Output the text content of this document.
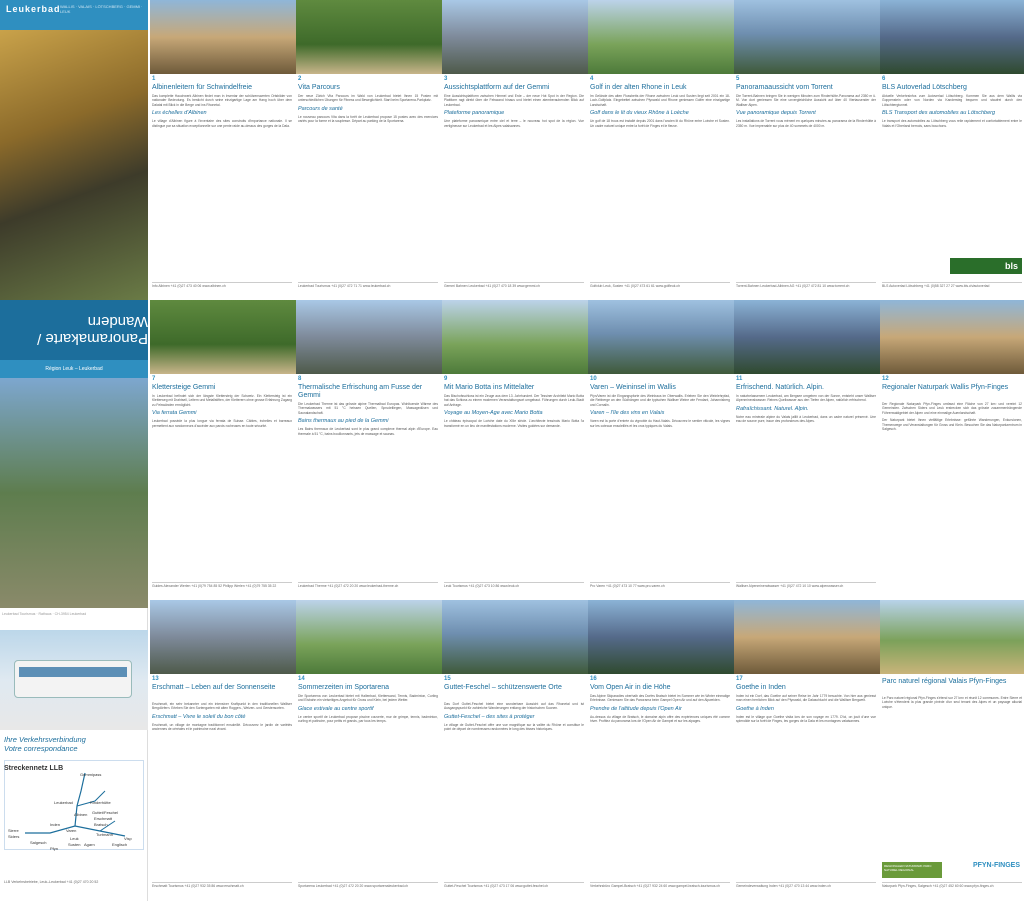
Leukerbad WALLIS · VALAIS · LÖTSCHBERG · GEMMI · LEUK
Panoramakarte / Wandern
Région Leuk – Leukerbad
Leukerbad Tourismus · Rathaus · CH-3954 Leukerbad
Ihre Verkehrsverbindung
Votre correspondance
Streckennetz LLB
Gemmipass
Leukerbad
Albinen
Inden
Rinderhütte
Guttet/Feschel
Erschmatt
Bratsch
Varen
Leuk
Salgesch
Sierre
Siders
Susten
Pfyn
Agarn
Turtmann
Visp
Englisch
LLB Verkehrsbetriebe, Leuk–Leukerbad +41 (0)27 470 20 52
1
Albinenleitern für Schwindelfreie
Das komplette Hauchwerk Albinen findet man in Inventar der schützenswerten Ortsbilder von nationaler Bedeutung. Es besticht durch seine einzigartige Lage am Hang hoch über dem Dalatal mit Blick in die Berge und ins Rhonetal.
Les échelles d'Albinen
Le village d'Albinen figure à l'inventaire des sites construits d'importance nationale. Il se distingue par sa situation exceptionnelle sur une pente raide au-dessus des gorges de la Dala.
Info Albinen +41 (0)27 473 40 06 www.albinen.ch
2
Vita Parcours
Der neue Zürich Vita Parcours im Wald von Leukerbad bietet Ihnen 15 Posten mit unterschiedlichen Übungen für Fitness und Beweglichkeit. Start beim Sportarena-Parkplatz.
Parcours de santé
Le nouveau parcours Vita dans la forêt de Leukerbad propose 15 postes avec des exercices variés pour la forme et la souplesse. Départ au parking de la Sportarena.
Leukerbad Tourismus +41 (0)27 472 71 71 www.leukerbad.ch
3
Aussichtsplattform auf der Gemmi
Eine Aussichtsplattform zwischen Himmel und Erde – der neue Hot Spot in der Region. Die Plattform ragt direkt über die Felswand hinaus und bietet einen atemberaubenden Blick auf Leukerbad.
Plateforme panoramique
Une plateforme panoramique entre ciel et terre – le nouveau hot spot de la région. Vue vertigineuse sur Leukerbad et les Alpes valaisannes.
Gemmi Bahnen Leukerbad +41 (0)27 470 18 39 www.gemmi.ch
4
Golf in der alten Rhone in Leuk
Im Gelände des alten Flussbetts der Rhone zwischen Leuk und Susten liegt seit 2001 ein 18-Loch-Golfplatz. Eingebettet zwischen Pfynwald und Rhone geniessen Golfer eine einzigartige Landschaft.
Golf dans le lit du vieux Rhône à Loèche
Un golf de 18 trous est installé depuis 2001 dans l'ancien lit du Rhône entre Loèche et Susten. Un cadre naturel unique entre la forêt de Finges et le fleuve.
Golfclub Leuk, Susten +41 (0)27 473 61 61 www.golfleuk.ch
5
Panoramaaussicht vom Torrent
Die Torrent-Bahnen bringen Sie in wenigen Minuten zum Rinderhütte-Panorama auf 2350 m ü. M. Von dort geniessen Sie eine unvergleichliche Aussicht auf über 40 Viertausender der Walliser Alpen.
Vue panoramique depuis Torrent
Les installations de Torrent vous mènent en quelques minutes au panorama de la Rinderhütte à 2350 m. Vue imprenable sur plus de 40 sommets de 4000 m.
Torrent-Bahnen Leukerbad-Albinen AG +41 (0)27 472 81 10 www.torrent.ch
6
BLS Autoverlad Lötschberg
Aktuelle Verkehrsinfos zum Autoverlad Lötschberg. Kommen Sie aus dem Wallis via Goppenstein oder von Norden via Kandersteg bequem und staufrei durch den Lötschbergtunnel.
BLS Transport des automobiles au Lötschberg
Le transport des automobiles au Lötschberg vous relie rapidement et confortablement entre le Valais et l'Oberland bernois, sans bouchons.
BLS Autoverlad Lötschberg +41 (0)58 327 27 27 www.bls.ch/autoverlad
bls
7
Klettersteige Gemmi
In Leukerbad befindet sich der längste Klettersteig der Schweiz. Ein Klettersteig ist ein Kletterweg mit Drahtseil, Leitern und Metallstiften, der Kletterern ohne grosse Erfahrung Zugang zu Felswänden ermöglicht.
Via ferrata Gemmi
Leukerbad possède la plus longue via ferrata de Suisse. Câbles, échelles et barreaux permettent aux randonneurs d'accéder aux parois rocheuses en toute sécurité.
Guides Alexander Werlen +41 (0)79 754 85 52 Philipp Werlen +41 (0)79 755 35 22
8
Thermalische Erfrischung am Fusse der Gemmi
Die Leukerbad Therme ist das grösste alpine Thermalbad Europas. Wohltuende Wärme des Thermalwassers mit 51 °C heissen Quellen, Sprudelliegen, Massagedüsen und Saunalandschaft.
Bains thermaux au pied de la Gemmi
Les Bains thermaux de Leukerbad sont le plus grand complexe thermal alpin d'Europe. Eau thermale à 51 °C, bains bouillonnants, jets de massage et saunas.
Leukerbad Therme +41 (0)27 472 20 20 www.leukerbad-therme.ch
9
Mit Mario Botta ins Mittelalter
Das Bischofsschloss ist ein Zeuge aus dem 13. Jahrhundert. Der Tessiner Architekt Mario Botta hat das Schloss zu einem modernen Veranstaltungsort umgebaut. Führungen durch Leuk-Stadt auf Anfrage.
Voyage au Moyen-Age avec Mario Botta
Le château épiscopal de Loèche date du XIIIe siècle. L'architecte tessinois Mario Botta l'a transformé en un lieu de manifestations moderne. Visites guidées sur demande.
Leuk Tourismus +41 (0)27 473 10 86 www.leuk.ch
10
Varen – Weininsel im Wallis
Pfyn/Varen ist die Eingangspforte des Weinbaus im Oberwallis. Erleben Sie den Weinlehrpfad, die Rebberge an den Südhängen und die typischen Walliser Weine wie Fendant, Johannisberg und Cornalin.
Varen – l'île des vins en Valais
Varen est la porte d'entrée du vignoble du Haut-Valais. Découvrez le sentier viticole, les vignes sur les coteaux ensoleillés et les crus typiques du Valais.
Pro Varen +41 (0)27 473 10 77 www.pro-varen.ch
11
Erfrischend. Natürlich. Alpin.
In naturbelassenem Leukerbad, am Bergsee umgeben von der Sonne, entsteht unser Walliser Alpenmineralwasser. Reines Quellwasser aus den Tiefen der Alpen, natürlich erfrischend.
Rafraîchissant. Naturel. Alpin.
Notre eau minérale alpine du Valais jaillit à Leukerbad, dans un cadre naturel préservé. Une eau de source pure, issue des profondeurs des Alpes.
Walliser Alpenmineralwasser +41 (0)27 472 10 10 www.alpenwasser.ch
12
Regionaler Naturpark Wallis Pfyn-Finges
Der Regionale Naturpark Pfyn-Finges umfasst eine Fläche von 27 km² und vereint 12 Gemeinden. Zwischen Siders und Leuk erstrecken sich das grösste zusammenhängende Föhrenwaldgebiet der Alpen und eine einmalige Auenlandschaft.
Der Naturpark bietet Ihnen vielfältige Erlebnisse: geführte Wanderungen, Exkursionen, Themenwege und Veranstaltungen für Gross und Klein. Besuchen Sie das Naturparkzentrum in Salgesch.
13
Erschmatt – Leben auf der Sonnenseite
Erschmatt, ein sehr bekannter und ein intensiver Kraftpunkt in den traditionellen Walliser Bergdörfern. Erleben Sie den Sortengarten mit alten Roggen-, Weizen- und Gerstensorten.
Erschmatt – Vivre le soleil du bon côté
Erschmatt, un village de montagne traditionnel ensoleillé. Découvrez le jardin de variétés anciennes de céréales et le patrimoine rural vivant.
Erschmatt Tourismus +41 (0)27 932 35 86 www.erschmatt.ch
14
Sommerzeiten im Sportarena
Die Sportarena von Leukerbad bietet mit Hallenbad, Kletterwand, Tennis, Badminton, Curling und Eisbahn ein vielseitiges Angebot für Gross und Klein, bei jedem Wetter.
Glace estivale au centre sportif
Le centre sportif de Leukerbad propose piscine couverte, mur de grimpe, tennis, badminton, curling et patinoire, pour petits et grands, par tous les temps.
Sportarena Leukerbad +41 (0)27 472 20 20 www.sportarenaleukerbad.ch
15
Guttet-Feschel – schützenswerte Orte
Das Dorf Guttet-Feschel bietet eine wunderbare Aussicht auf das Rhonetal und ist Ausgangspunkt für zahlreiche Wanderungen entlang der historischen Suonen.
Guttet-Feschel – des sites à protéger
Le village de Guttet-Feschel offre une vue magnifique sur la vallée du Rhône et constitue le point de départ de nombreuses randonnées le long des bisses historiques.
Guttet-Feschel Tourismus +41 (0)27 473 17 06 www.guttet-feschel.ch
16
Vom Open Air in die Höhe
Das Alpine Skiparadies oberhalb des Dorfes Bratsch bietet im Sommer wie im Winter einmalige Erlebnisse. Geniessen Sie das Panorama beim Gampel Open Air und auf den Alpweiden.
Prendre de l'altitude depuis l'Open Air
Au-dessus du village de Bratsch, le domaine alpin offre des expériences uniques été comme hiver. Profitez du panorama lors de l'Open Air de Gampel et sur les alpages.
Verkehrsbüro Gampel-Bratsch +41 (0)27 932 24 60 www.gampel-bratsch-tourismus.ch
17
Goethe in Inden
Inden ist ein Dorf, das Goethe auf seiner Reise im Jahr 1779 besuchte. Von hier aus geniesst man einen herrlichen Blick auf den Pfynwald, die Dalaschlucht und die Walliser Bergwelt.
Goethe à Inden
Inden est le village que Goethe visita lors de son voyage en 1779. D'ici, on jouit d'une vue splendide sur la forêt de Finges, les gorges de la Dala et les montagnes valaisannes.
Gemeindeverwaltung Inden +41 (0)27 470 13 44 www.inden.ch
Parc naturel régional Valais Pfyn-Finges
Le Parc naturel régional Pfyn-Finges s'étend sur 27 km² et réunit 12 communes. Entre Sierre et Loèche s'étendent la plus grande pinède d'un seul tenant des Alpes et un paysage alluvial unique.
REGIONALER NATURPARK PARC NATUREL REGIONAL
PFYN-FINGES
Naturpark Pfyn-Finges, Salgesch +41 (0)27 452 60 60 www.pfyn-finges.ch
